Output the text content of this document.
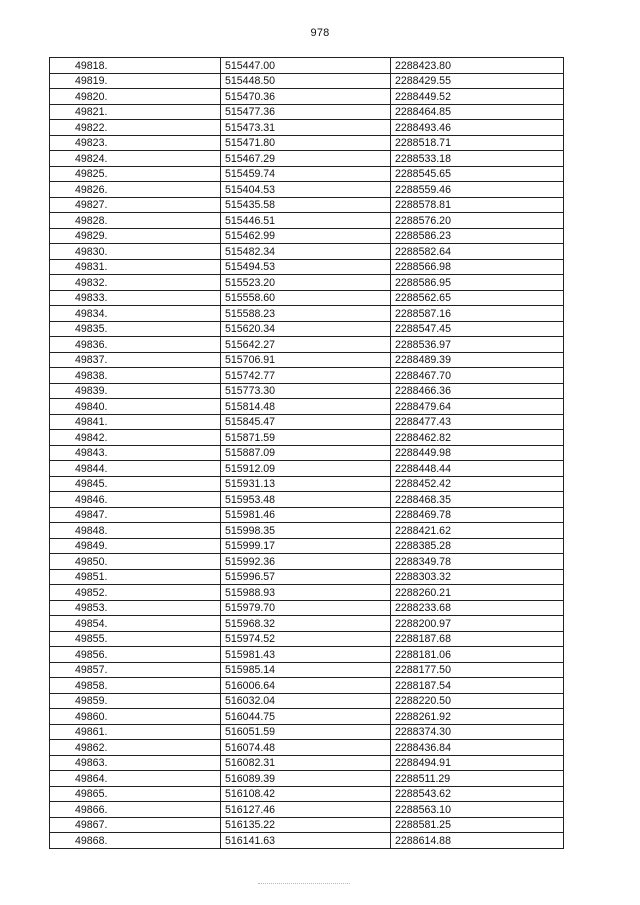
978
49818.	515447.00	2288423.80
49819.	515448.50	2288429.55
49820.	515470.36	2288449.52
49821.	515477.36	2288464.85
49822.	515473.31	2288493.46
49823.	515471.80	2288518.71
49824.	515467.29	2288533.18
49825.	515459.74	2288545.65
49826.	515404.53	2288559.46
49827.	515435.58	2288578.81
49828.	515446.51	2288576.20
49829.	515462.99	2288586.23
49830.	515482.34	2288582.64
49831.	515494.53	2288566.98
49832.	515523.20	2288586.95
49833.	515558.60	2288562.65
49834.	515588.23	2288587.16
49835.	515620.34	2288547.45
49836.	515642.27	2288536.97
49837.	515706.91	2288489.39
49838.	515742.77	2288467.70
49839.	515773.30	2288466.36
49840.	515814.48	2288479.64
49841.	515845.47	2288477.43
49842.	515871.59	2288462.82
49843.	515887.09	2288449.98
49844.	515912.09	2288448.44
49845.	515931.13	2288452.42
49846.	515953.48	2288468.35
49847.	515981.46	2288469.78
49848.	515998.35	2288421.62
49849.	515999.17	2288385.28
49850.	515992.36	2288349.78
49851.	515996.57	2288303.32
49852.	515988.93	2288260.21
49853.	515979.70	2288233.68
49854.	515968.32	2288200.97
49855.	515974.52	2288187.68
49856.	515981.43	2288181.06
49857.	515985.14	2288177.50
49858.	516006.64	2288187.54
49859.	516032.04	2288220.50
49860.	516044.75	2288261.92
49861.	516051.59	2288374.30
49862.	516074.48	2288436.84
49863.	516082.31	2288494.91
49864.	516089.39	2288511.29
49865.	516108.42	2288543.62
49866.	516127.46	2288563.10
49867.	516135.22	2288581.25
49868.	516141.63	2288614.88
